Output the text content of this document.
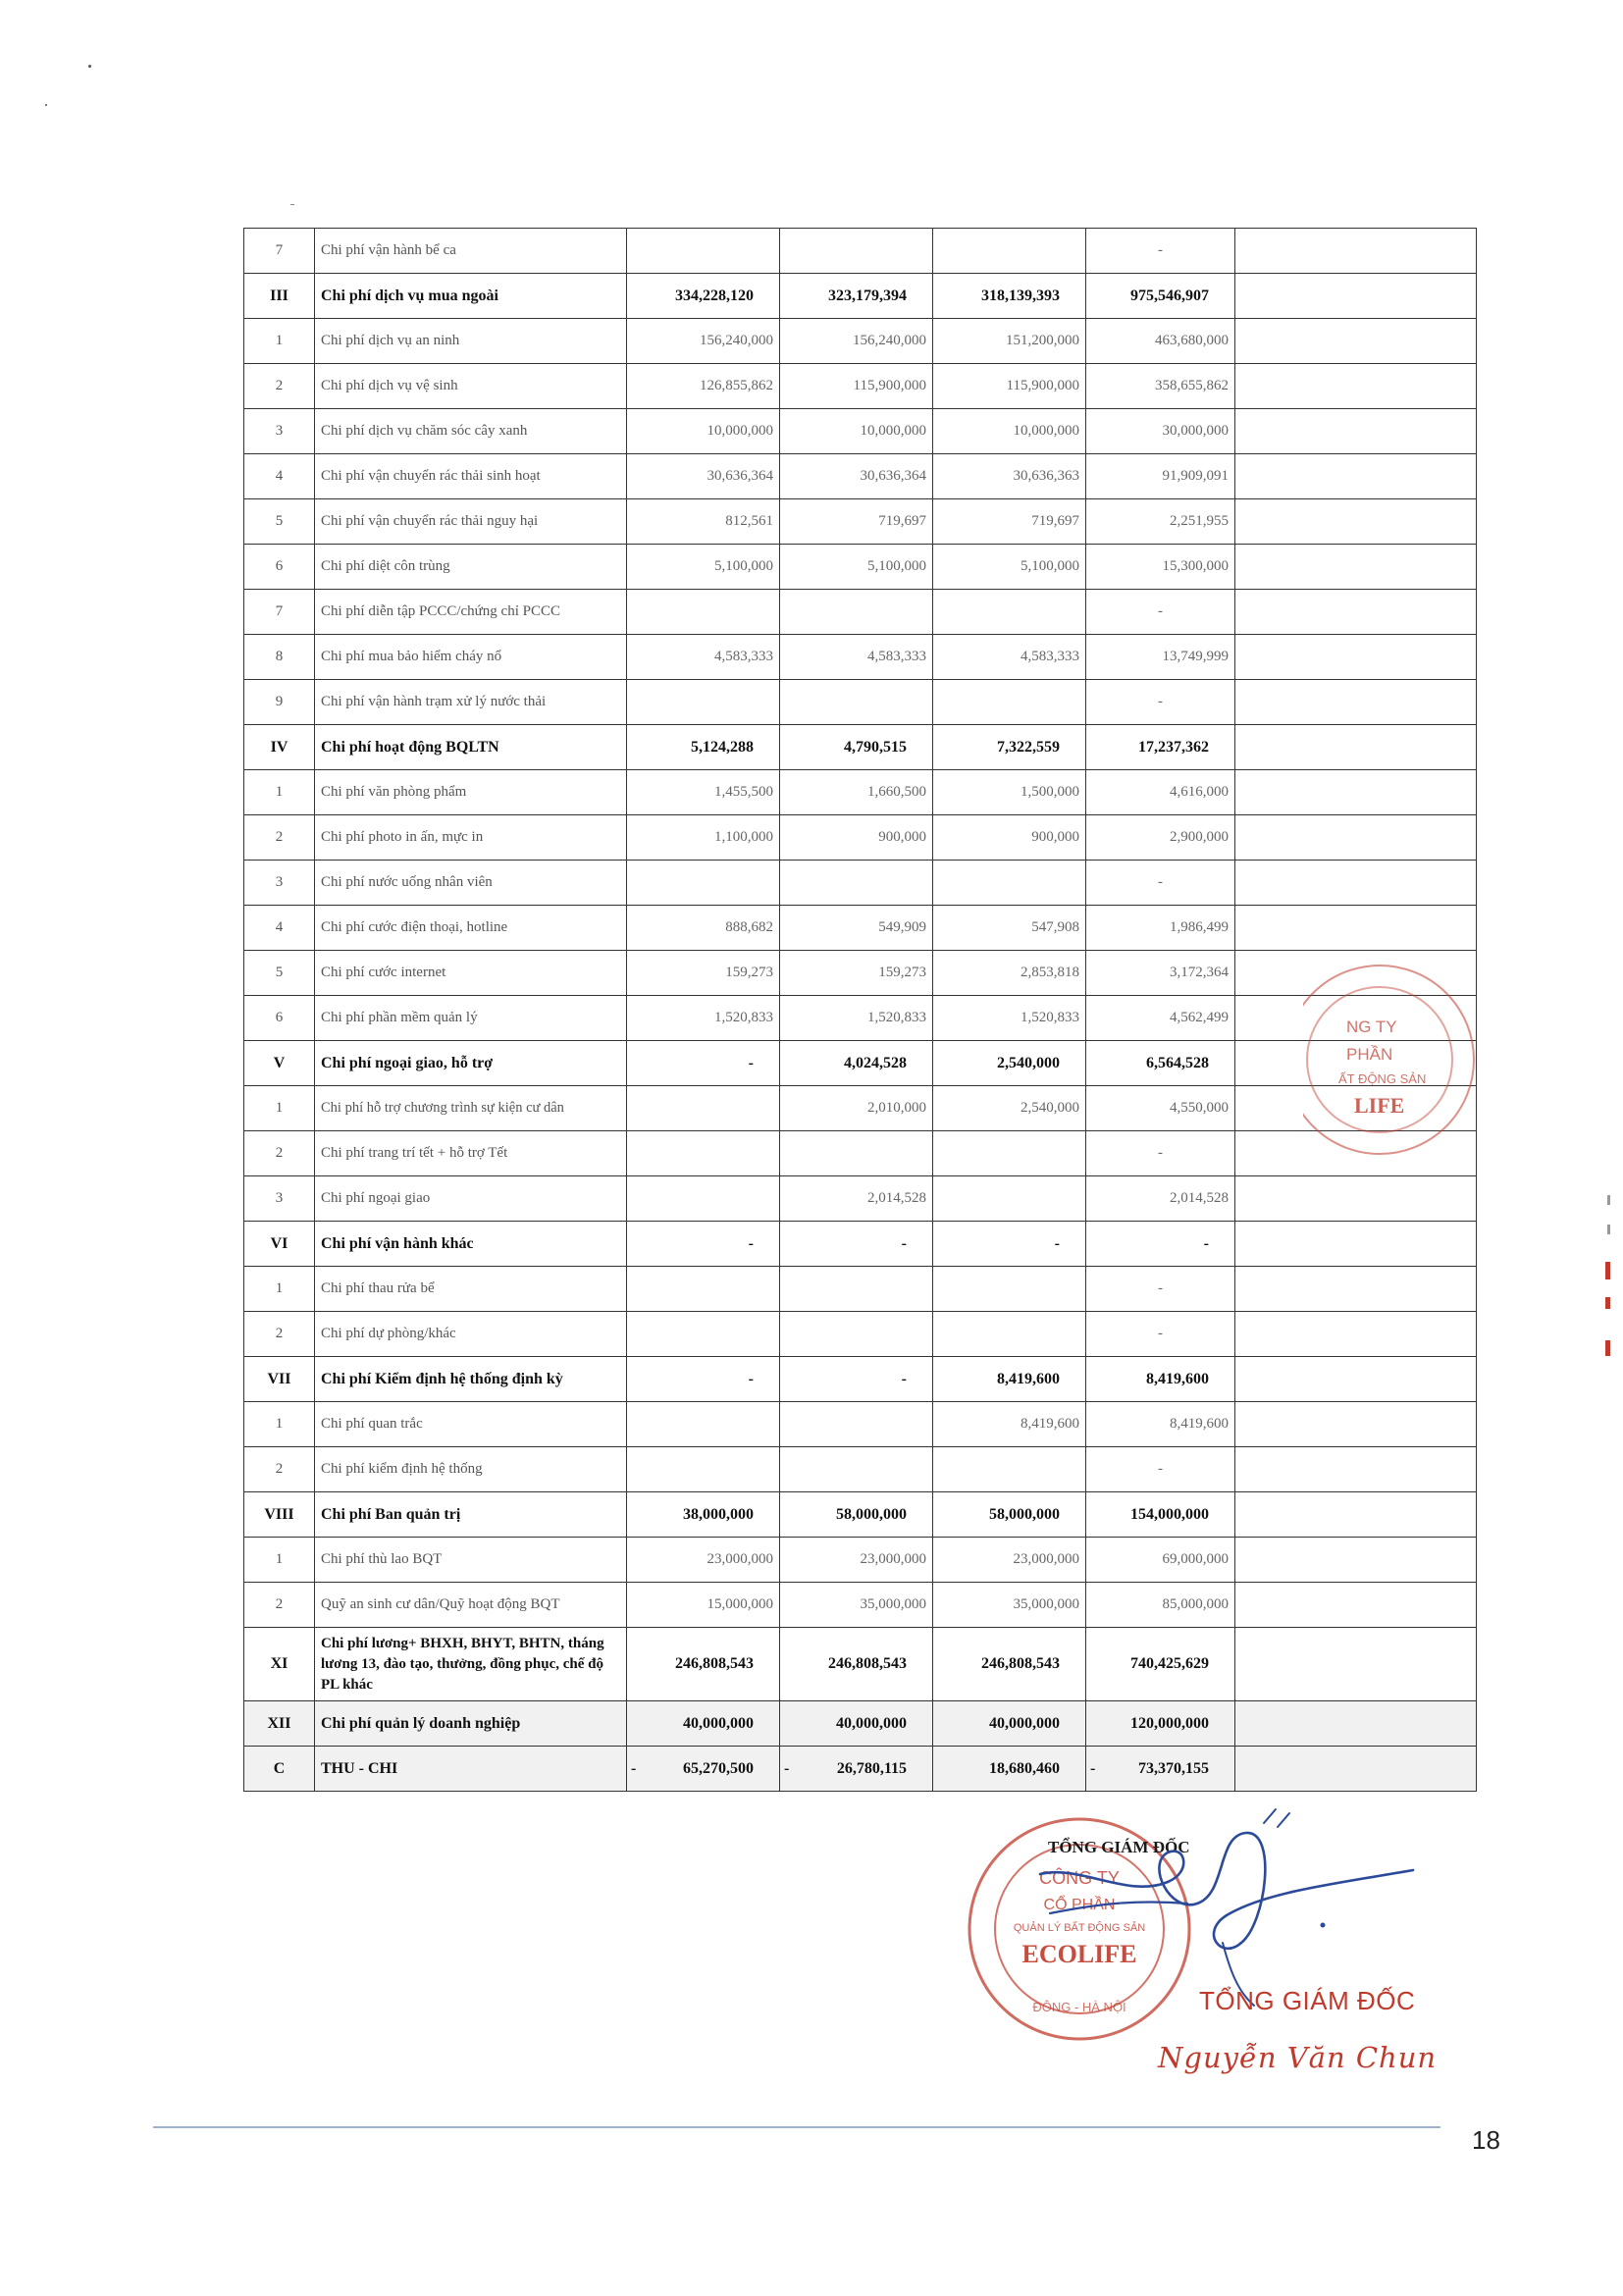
7	Chi phí vận hành bể ca				-	
III	Chi phí dịch vụ mua ngoài	334,228,120	323,179,394	318,139,393	975,546,907	
1	Chi phí dịch vụ an ninh	156,240,000	156,240,000	151,200,000	463,680,000	
2	Chi phí dịch vụ vệ sinh	126,855,862	115,900,000	115,900,000	358,655,862	
3	Chi phí dịch vụ chăm sóc cây xanh	10,000,000	10,000,000	10,000,000	30,000,000	
4	Chi phí vận chuyển rác thải sinh hoạt	30,636,364	30,636,364	30,636,363	91,909,091	
5	Chi phí vận chuyển rác thải nguy hại	812,561	719,697	719,697	2,251,955	
6	Chi phí diệt côn trùng	5,100,000	5,100,000	5,100,000	15,300,000	
7	Chi phí diễn tập PCCC/chứng chỉ PCCC				-	
8	Chi phí mua bảo hiểm cháy nổ	4,583,333	4,583,333	4,583,333	13,749,999	
9	Chi phí vận hành trạm xử lý nước thải				-	
IV	Chi phí hoạt động BQLTN	5,124,288	4,790,515	7,322,559	17,237,362	
1	Chi phí văn phòng phẩm	1,455,500	1,660,500	1,500,000	4,616,000	
2	Chi phí photo in ấn, mực in	1,100,000	900,000	900,000	2,900,000	
3	Chi phí nước uống nhân viên				-	
4	Chi phí cước điện thoại, hotline	888,682	549,909	547,908	1,986,499	
5	Chi phí cước internet	159,273	159,273	2,853,818	3,172,364	
6	Chi phí phần mềm quản lý	1,520,833	1,520,833	1,520,833	4,562,499	
V	Chi phí ngoại giao, hỗ trợ	-	4,024,528	2,540,000	6,564,528	
1	Chi phí hỗ trợ chương trình sự kiện cư dân		2,010,000	2,540,000	4,550,000	
2	Chi phí trang trí tết + hỗ trợ Tết				-	
3	Chi phí ngoại giao		2,014,528		2,014,528	
VI	Chi phí vận hành khác	-	-	-	-	
1	Chi phí thau rửa bể				-	
2	Chi phí dự phòng/khác				-	
VII	Chi phí Kiểm định hệ thống định kỳ	-	-	8,419,600	8,419,600	
1	Chi phí quan trắc			8,419,600	8,419,600	
2	Chi phí kiểm định hệ thống				-	
VIII	Chi phí Ban quản trị	38,000,000	58,000,000	58,000,000	154,000,000	
1	Chi phí thù lao BQT	23,000,000	23,000,000	23,000,000	69,000,000	
2	Quỹ an sinh cư dân/Quỹ hoạt động BQT	15,000,000	35,000,000	35,000,000	85,000,000	
XI	Chi phí lương+ BHXH, BHYT, BHTN, tháng lương 13, đào tạo, thưởng, đồng phục, chế độ PL khác	246,808,543	246,808,543	246,808,543	740,425,629	
XII	Chi phí quản lý doanh nghiệp	40,000,000	40,000,000	40,000,000	120,000,000	
C	THU - CHI	- 65,270,500	- 26,780,115	18,680,460	- 73,370,155	
NG TY
PHẦN
ẤT ĐỘNG SẢN
LIFE
CÔNG TY
CỔ PHẦN
QUẢN LÝ BẤT ĐỘNG SẢN
ECOLIFE
ĐÔNG - HÀ NỘI
TỔNG GIÁM ĐỐC
TỔNG GIÁM ĐỐC
Nguyễn Văn Chun
18
